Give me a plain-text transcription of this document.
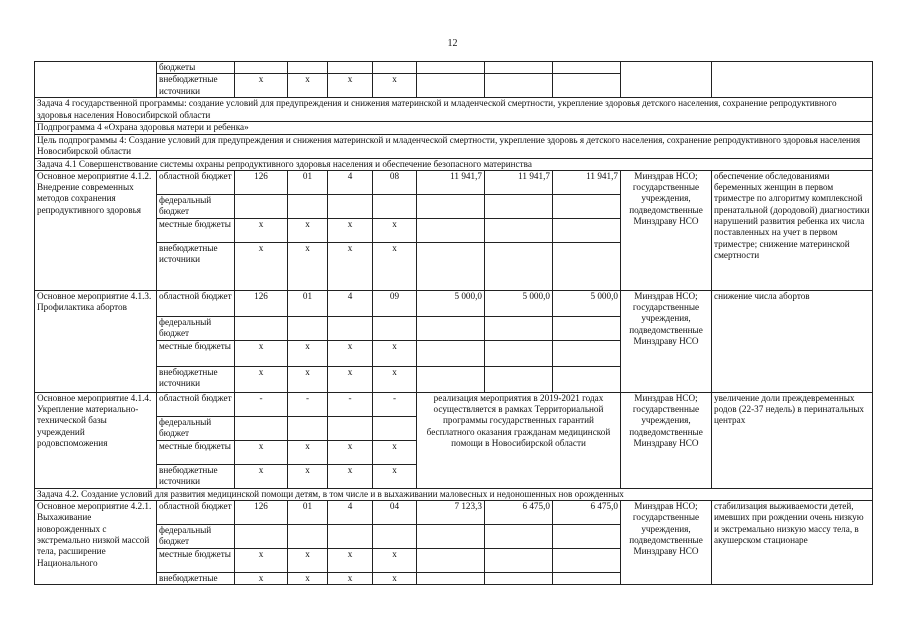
12
	бюджеты									
	внебюджетные источники	x	x	x	x					
Задача 4 государственной программы: создание условий для предупреждения и снижения материнской и младенческой смертности, укрепление здоровья детского населения, сохранение репродуктивного здоровья населения Новосибирской области										
Подпрограмма 4 «Охрана здоровья матери и ребенка»										
Цель подпрограммы 4: Создание условий для предупреждения и снижения материнской и младенческой смертности, укрепление здоровь я детского населения, сохранение репродуктивного здоровья населения Новосибирской области										
Задача 4.1 Совершенствование системы охраны репродуктивного здоровья населения и обеспечение безопасного материнства										
Основное мероприятие 4.1.2. Внедрение современных методов сохранения репродуктивного здоровья	областной бюджет	126	01	4	08	11 941,7	11 941,7	11 941,7	Минздрав НСО; государственные учреждения, подведомственные Минздраву НСО	обеспечение обследованиями беременных женщин в первом триместре по алгоритму комплексной пренатальной (дородовой) диагностики нарушений развития ребенка их числа поставленных на учет в первом триместре; снижение материнской смертности
	федеральный бюджет									
	местные бюджеты	x	x	x	x					
	внебюджетные источники	x	x	x	x					
Основное мероприятие 4.1.3. Профилактика абортов	областной бюджет	126	01	4	09	5 000,0	5 000,0	5 000,0	Минздрав НСО; государственные учреждения, подведомственные Минздраву НСО	снижение числа абортов
	федеральный бюджет									
	местные бюджеты	x	x	x	x					
	внебюджетные источники	x	x	x	x					
Основное мероприятие 4.1.4. Укрепление материально-технической базы учреждений родовспоможения	областной бюджет	-	-	-	-	реализация мероприятия в 2019-2021 годах осуществляется в рамках Территориальной программы государственных гарантий бесплатного оказания гражданам медицинской помощи в Новосибирской области			Минздрав НСО; государственные учреждения, подведомственные Минздраву НСО	увеличение доли преждевременных родов (22-37 недель) в перинатальных центрах
	федеральный бюджет									
	местные бюджеты	x	x	x	x					
	внебюджетные источники	x	x	x	x					
Задача 4.2. Создание условий для развития медицинской помощи детям, в том числе и в выхаживании маловесных и недоношенных нов орожденных										
Основное мероприятие 4.2.1. Выхаживание новорожденных с экстремально низкой массой тела, расширение Национального	областной бюджет	126	01	4	04	7 123,3	6 475,0	6 475,0	Минздрав НСО; государственные учреждения, подведомственные Минздраву НСО	стабилизация выживаемости детей, имевших при рождении очень низкую и экстремально низкую массу тела, в акушерском стационаре
	федеральный бюджет									
	местные бюджеты	x	x	x	x					
	внебюджетные	x	x	x	x					
